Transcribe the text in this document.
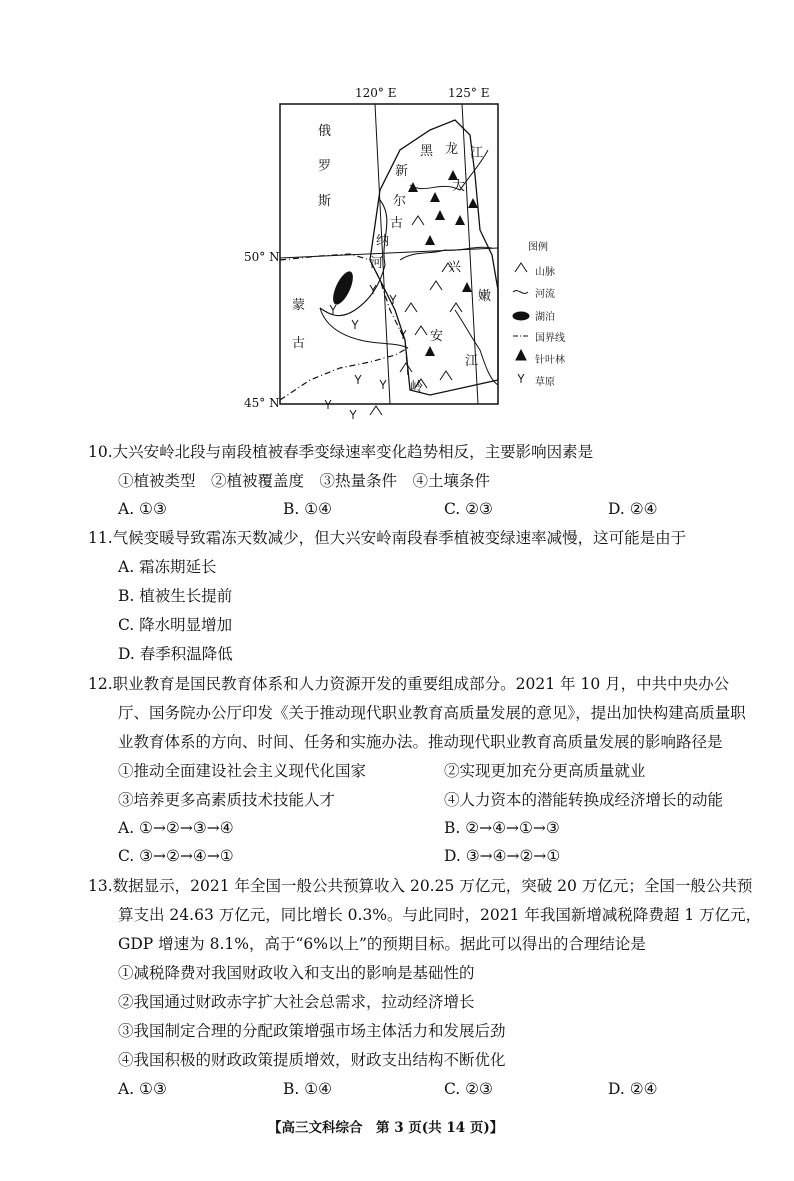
120° E	125° E
50° N
45° N
俄
罗
斯
蒙
古
黑 龙 江
嫩
江
新
尔
古
纳
河
大
兴
安
岭
图例
山脉
河流
湖泊
国界线
针叶林
草原
10.大兴安岭北段与南段植被春季变绿速率变化趋势相反，主要影响因素是
①植被类型　②植被覆盖度　③热量条件　④土壤条件
A. ①③	B. ①④	C. ②③	D. ②④
11.气候变暖导致霜冻天数减少，但大兴安岭南段春季植被变绿速率减慢，这可能是由于
A. 霜冻期延长
B. 植被生长提前
C. 降水明显增加
D. 春季积温降低
12.职业教育是国民教育体系和人力资源开发的重要组成部分。2021 年 10 月，中共中央办公
厅、国务院办公厅印发《关于推动现代职业教育高质量发展的意见》，提出加快构建高质量职
业教育体系的方向、时间、任务和实施办法。推动现代职业教育高质量发展的影响路径是
①推动全面建设社会主义现代化国家	②实现更加充分更高质量就业
③培养更多高素质技术技能人才	④人力资本的潜能转换成经济增长的动能
A. ①→②→③→④	B. ②→④→①→③
C. ③→②→④→①	D. ③→④→②→①
13.数据显示，2021 年全国一般公共预算收入 20.25 万亿元，突破 20 万亿元；全国一般公共预
算支出 24.63 万亿元，同比增长 0.3%。与此同时，2021 年我国新增减税降费超 1 万亿元，
GDP 增速为 8.1%，高于“6%以上”的预期目标。据此可以得出的合理结论是
①减税降费对我国财政收入和支出的影响是基础性的
②我国通过财政赤字扩大社会总需求，拉动经济增长
③我国制定合理的分配政策增强市场主体活力和发展后劲
④我国积极的财政政策提质增效，财政支出结构不断优化
A. ①③	B. ①④	C. ②③	D. ②④
【高三文科综合　第 3 页(共 14 页)】
